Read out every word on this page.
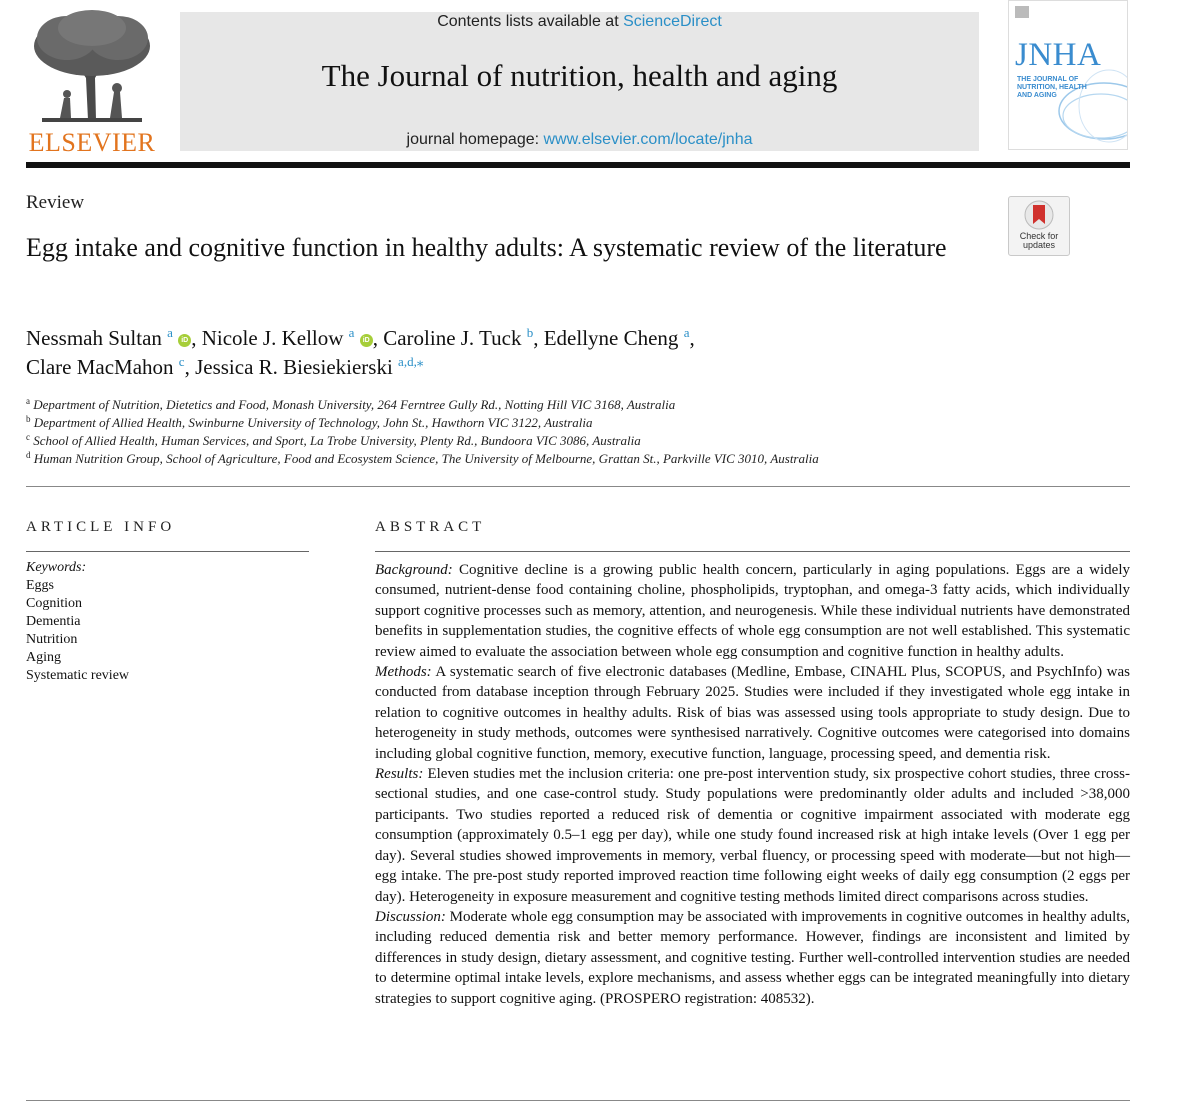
ELSEVIER
Contents lists available at ScienceDirect
The Journal of nutrition, health and aging
journal homepage: www.elsevier.com/locate/jnha
JNHA
THE JOURNAL OF NUTRITION, HEALTH AND AGING
Review
Egg intake and cognitive function in healthy adults: A systematic review of the literature	Check for updates
Nessmah Sultan $^a$ iD , Nicole J. Kellow $^a$ iD , Caroline J. Tuck $^b$, Edellyne Cheng $^a$,
Clare MacMahon $^c$, Jessica R. Biesiekierski $^{a,d,⁎}$
$^a$ Department of Nutrition, Dietetics and Food, Monash University, 264 Ferntree Gully Rd., Notting Hill VIC 3168, Australia
$^b$ Department of Allied Health, Swinburne University of Technology, John St., Hawthorn VIC 3122, Australia
$^c$ School of Allied Health, Human Services, and Sport, La Trobe University, Plenty Rd., Bundoora VIC 3086, Australia
$^d$ Human Nutrition Group, School of Agriculture, Food and Ecosystem Science, The University of Melbourne, Grattan St., Parkville VIC 3010, Australia
ARTICLE INFO
Keywords:
Eggs
Cognition
Dementia
Nutrition
Aging
Systematic review
ABSTRACT

Background: Cognitive decline is a growing public health concern, particularly in aging populations. Eggs are a widely consumed, nutrient-dense food containing choline, phospholipids, tryptophan, and omega-3 fatty acids, which individually support cognitive processes such as memory, attention, and neurogenesis. While these individual nutrients have demonstrated benefits in supplementation studies, the cognitive effects of whole egg consumption are not well established. This systematic review aimed to evaluate the association between whole egg consumption and cognitive function in healthy adults.

Methods: A systematic search of five electronic databases (Medline, Embase, CINAHL Plus, SCOPUS, and PsychInfo) was conducted from database inception through February 2025. Studies were included if they investigated whole egg intake in relation to cognitive outcomes in healthy adults. Risk of bias was assessed using tools appropriate to study design. Due to heterogeneity in study methods, outcomes were synthesised narratively. Cognitive outcomes were categorised into domains including global cognitive function, memory, executive function, language, processing speed, and dementia risk.

Results: Eleven studies met the inclusion criteria: one pre-post intervention study, six prospective cohort studies, three cross-sectional studies, and one case-control study. Study populations were predominantly older adults and included >38,000 participants. Two studies reported a reduced risk of dementia or cognitive impairment associated with moderate egg consumption (approximately 0.5–1 egg per day), while one study found increased risk at high intake levels (Over 1 egg per day). Several studies showed improvements in memory, verbal fluency, or processing speed with moderate—but not high—egg intake. The pre-post study reported improved reaction time following eight weeks of daily egg consumption (2 eggs per day). Heterogeneity in exposure measurement and cognitive testing methods limited direct comparisons across studies.

Discussion: Moderate whole egg consumption may be associated with improvements in cognitive outcomes in healthy adults, including reduced dementia risk and better memory performance. However, findings are inconsistent and limited by differences in study design, dietary assessment, and cognitive testing. Further well-controlled intervention studies are needed to determine optimal intake levels, explore mechanisms, and assess whether eggs can be integrated meaningfully into dietary strategies to support cognitive aging. (PROSPERO registration: 408532).
